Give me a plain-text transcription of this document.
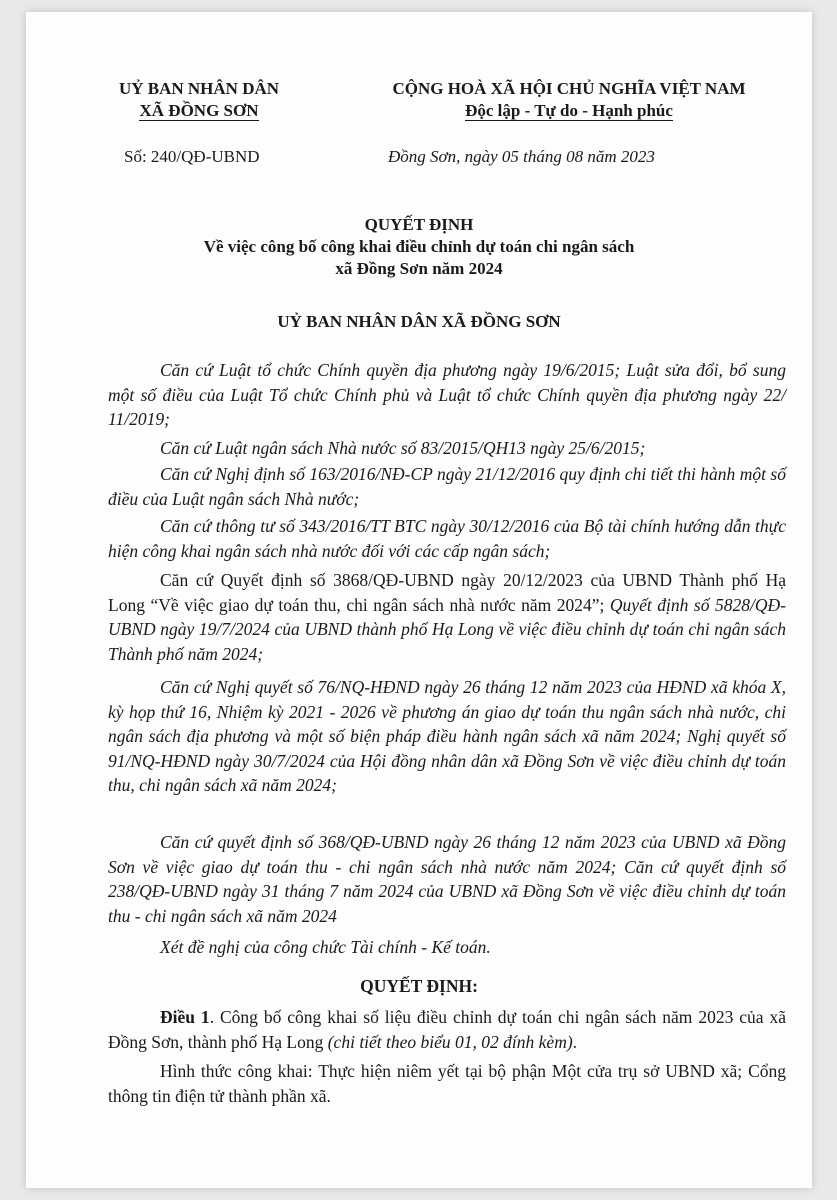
UỶ BAN NHÂN DÂN
XÃ ĐỒNG SƠN
CỘNG HOÀ XÃ HỘI CHỦ NGHĨA VIỆT NAM
Độc lập - Tự do - Hạnh phúc
Số: 240/QĐ-UBND	Đồng Sơn, ngày 05 tháng 08 năm 2023
QUYẾT ĐỊNH
Về việc công bố công khai điều chỉnh dự toán chi ngân sách
xã Đồng Sơn năm 2024
UỶ BAN NHÂN DÂN XÃ ĐỒNG SƠN
Căn cứ Luật tổ chức Chính quyền địa phương ngày 19/6/2015; Luật sửa đổi, bổ sung một số điều của Luật Tổ chức Chính phủ và Luật tổ chức Chính quyền địa phương ngày 22/ 11/2019;
Căn cứ Luật ngân sách Nhà nước số 83/2015/QH13 ngày 25/6/2015;
Căn cứ Nghị định số 163/2016/NĐ-CP ngày 21/12/2016 quy định chi tiết thi hành một số điều của Luật ngân sách Nhà nước;
Căn cứ thông tư số 343/2016/TT BTC ngày 30/12/2016 của Bộ tài chính hướng dẫn thực hiện công khai ngân sách nhà nước đối với các cấp ngân sách;
Căn cứ Quyết định số 3868/QĐ-UBND ngày 20/12/2023 của UBND Thành phố Hạ Long “Về việc giao dự toán thu, chi ngân sách nhà nước năm 2024”; Quyết định số 5828/QĐ-UBND ngày 19/7/2024 của UBND thành phố Hạ Long về việc điều chỉnh dự toán chi ngân sách Thành phố năm 2024;
Căn cứ Nghị quyết số 76/NQ-HĐND ngày 26 tháng 12 năm 2023 của HĐND xã khóa X, kỳ họp thứ 16, Nhiệm kỳ 2021 - 2026 về phương án giao dự toán thu ngân sách nhà nước, chi ngân sách địa phương và một số biện pháp điều hành ngân sách xã năm 2024; Nghị quyết số 91/NQ-HĐND ngày 30/7/2024 của Hội đồng nhân dân xã Đồng Sơn về việc điều chỉnh dự toán thu, chi ngân sách xã năm 2024;
Căn cứ quyết định số 368/QĐ-UBND ngày 26 tháng 12 năm 2023 của UBND xã Đồng Sơn về việc giao dự toán thu - chi ngân sách nhà nước năm 2024; Căn cứ quyết định số 238/QĐ-UBND ngày 31 tháng 7 năm 2024 của UBND xã Đồng Sơn về việc điều chỉnh dự toán thu - chi ngân sách xã năm 2024
Xét đề nghị của công chức Tài chính - Kế toán.
QUYẾT ĐỊNH:
Điều 1. Công bố công khai số liệu điều chỉnh dự toán chi ngân sách năm 2023 của xã Đồng Sơn, thành phố Hạ Long (chi tiết theo biểu 01, 02 đính kèm).
Hình thức công khai: Thực hiện niêm yết tại bộ phận Một cửa trụ sở UBND xã; Cổng thông tin điện tử thành phần xã.
